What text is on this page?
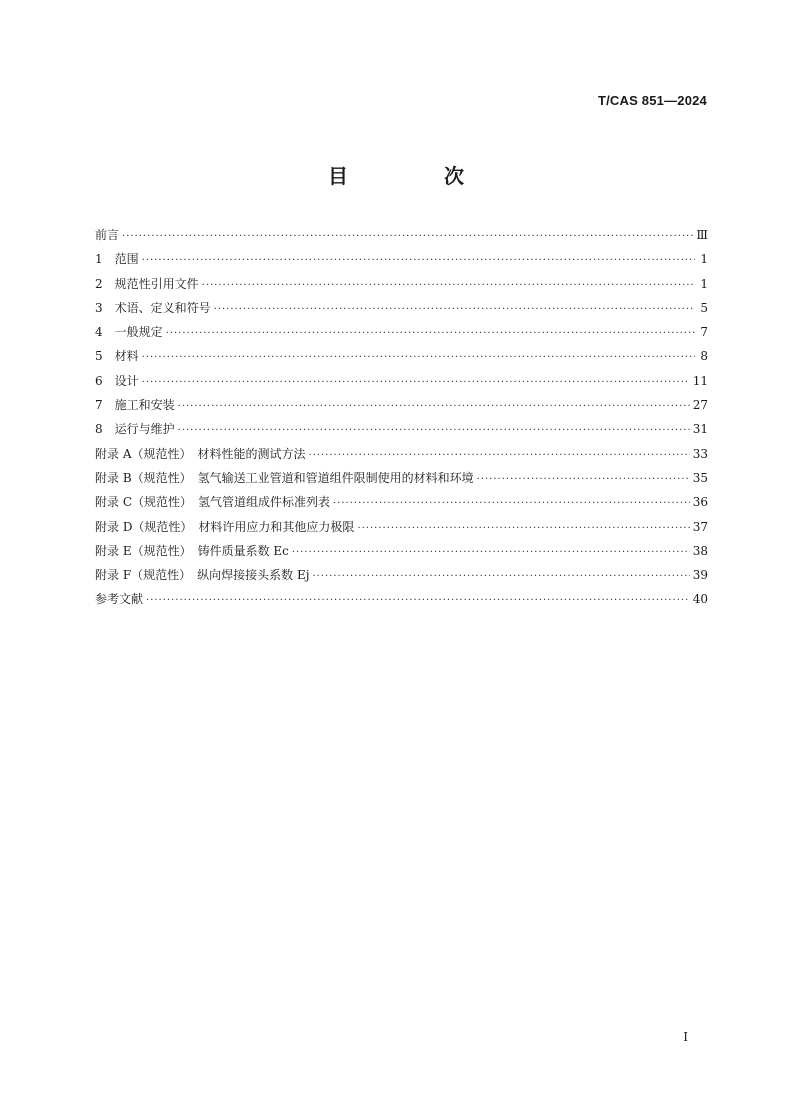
T/CAS 851—2024
目　次
前言 ·····	Ⅲ
1　范围 ·····	1
2　规范性引用文件 ·····	1
3　术语、定义和符号 ·····	5
4　一般规定 ·····	7
5　材料 ·····	8
6　设计 ·····	11
7　施工和安装 ·····	27
8　运行与维护 ·····	31
附录 A（规范性）　材料性能的测试方法 ·····	33
附录 B（规范性）　氢气输送工业管道和管道组件限制使用的材料和环境 ·····	35
附录 C（规范性）　氢气管道组成件标准列表 ·····	36
附录 D（规范性）　材料许用应力和其他应力极限 ·····	37
附录 E（规范性）　铸件质量系数 Ec ·····	38
附录 F（规范性）　纵向焊接接头系数 Ej ·····	39
参考文献 ·····	40
I
